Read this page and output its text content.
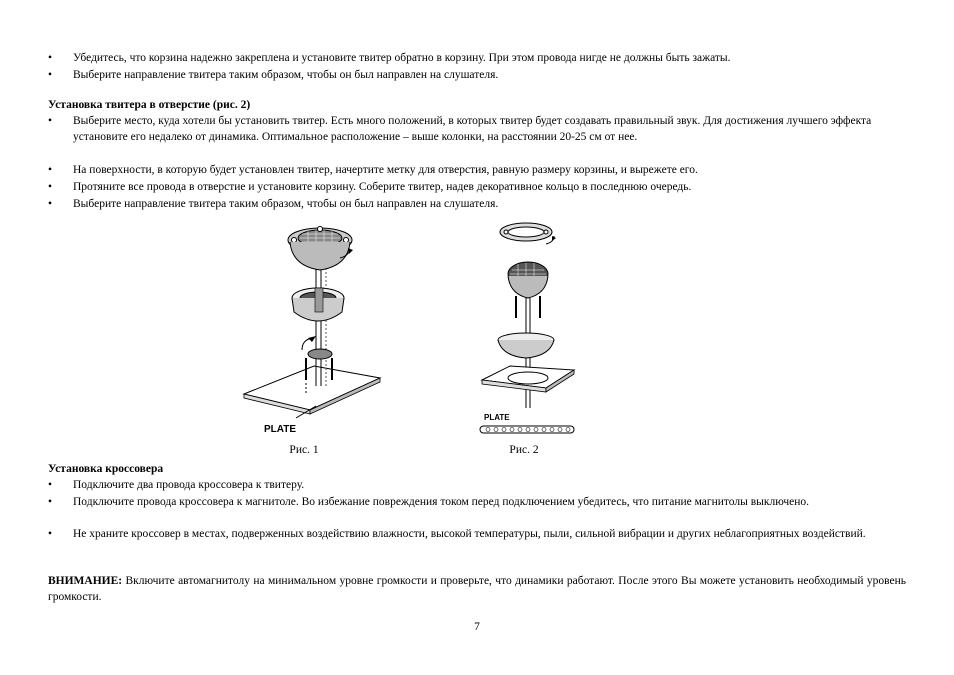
•	Убедитесь, что корзина надежно закреплена и установите твитер обратно в корзину. При этом провода нигде не должны быть зажаты.
•	Выберите направление твитера таким образом, чтобы он был направлен на слушателя.
Установка твитера в отверстие (рис. 2)
•	Выберите место, куда хотели бы установить твитер. Есть много положений, в которых твитер будет создавать правильный звук. Для достижения лучшего эффекта установите его недалеко от динамика. Оптимальное расположение – выше колонки, на расстоянии 20-25 см от нее.
•	На поверхности, в которую будет установлен твитер, начертите метку для отверстия, равную размеру корзины, и вырежете его.
•	Протяните все провода в отверстие и установите корзину. Соберите твитер, надев декоративное кольцо в последнюю очередь.
•	Выберите направление твитера таким образом, чтобы он был направлен на слушателя.
PLATE
PLATE
Рис. 1	Рис. 2
Установка кроссовера
•	Подключите два провода кроссовера к твитеру.
•	Подключите провода кроссовера к магнитоле. Во избежание повреждения током перед подключением убедитесь, что питание магнитолы выключено.
•	Не храните кроссовер в местах, подверженных воздействию влажности, высокой температуры, пыли, сильной вибрации и других неблагоприятных воздействий.
ВНИМАНИЕ: Включите автомагнитолу на минимальном уровне громкости и проверьте, что динамики работают. После этого Вы можете установить необходимый уровень громкости.
7
